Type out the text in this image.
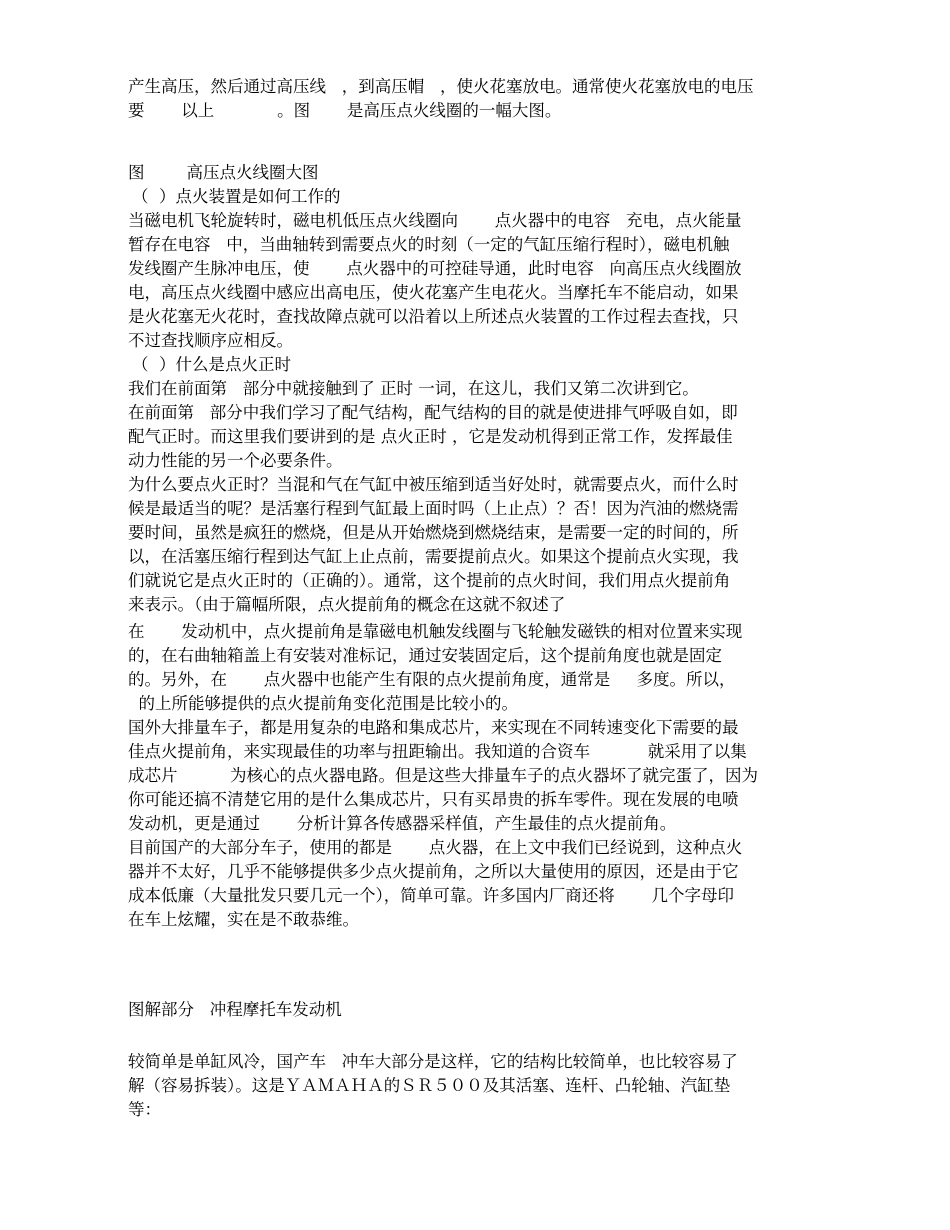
产生高压，然后通过高压线   ，到高压帽   ，使火花塞放电。通常使火花塞放电的电压

要       以上            。图       是高压点火线圈的一幅大图。

图        高压点火线圈大图

（  ）点火装置是如何工作的

当磁电机飞轮旋转时，磁电机低压点火线圈向       点火器中的电容   充电，点火能量

暂存在电容   中，当曲轴转到需要点火的时刻（一定的气缸压缩行程时），磁电机触

发线圈产生脉冲电压，使       点火器中的可控硅导通，此时电容   向高压点火线圈放

电，高压点火线圈中感应出高电压，使火花塞产生电花火。当摩托车不能启动，如果

是火花塞无火花时，查找故障点就可以沿着以上所述点火装置的工作过程去查找，只

不过查找顺序应相反。

（  ）什么是点火正时

我们在前面第   部分中就接触到了 正时 一词，在这儿，我们又第二次讲到它。

在前面第   部分中我们学习了配气结构，配气结构的目的就是使进排气呼吸自如，即

配气正时。而这里我们要讲到的是 点火正时 ，它是发动机得到正常工作，发挥最佳

动力性能的另一个必要条件。

为什么要点火正时？当混和气在气缸中被压缩到适当好处时，就需要点火，而什么时

候是最适当的呢？是活塞行程到气缸最上面时吗（上止点）？否！因为汽油的燃烧需

要时间，虽然是疯狂的燃烧，但是从开始燃烧到燃烧结束，是需要一定的时间的，所

以，在活塞压缩行程到达气缸上止点前，需要提前点火。如果这个提前点火实现，我

们就说它是点火正时的（正确的）。通常，这个提前的点火时间，我们用点火提前角

来表示。（由于篇幅所限，点火提前角的概念在这就不叙述了

在       发动机中，点火提前角是靠磁电机触发线圈与飞轮触发磁铁的相对位置来实现

的，在右曲轴箱盖上有安装对准标记，通过安装固定后，这个提前角度也就是固定

的。另外，在       点火器中也能产生有限的点火提前角度，通常是     多度。所以，

的上所能够提供的点火提前角变化范围是比较小的。

国外大排量车子，都是用复杂的电路和集成芯片，来实现在不同转速变化下需要的最

佳点火提前角，来实现最佳的功率与扭距输出。我知道的合资车           就采用了以集

成芯片          为核心的点火器电路。但是这些大排量车子的点火器坏了就完蛋了，因为

你可能还搞不清楚它用的是什么集成芯片，只有买昂贵的拆车零件。现在发展的电喷

发动机，更是通过       分析计算各传感器采样值，产生最佳的点火提前角。

目前国产的大部分车子，使用的都是       点火器，在上文中我们已经说到，这种点火

器并不太好，几乎不能够提供多少点火提前角，之所以大量使用的原因，还是由于它

成本低廉（大量批发只要几元一个），简单可靠。许多国内厂商还将       几个字母印

在车上炫耀，实在是不敢恭维。

图解部分   冲程摩托车发动机

较简单是单缸风冷，国产车   冲车大部分是这样，它的结构比较简单，也比较容易了

解（容易拆装）。这是ＹＡＭＡＨＡ的ＳＲ５００及其活塞、连杆、凸轮轴、汽缸垫

等：
